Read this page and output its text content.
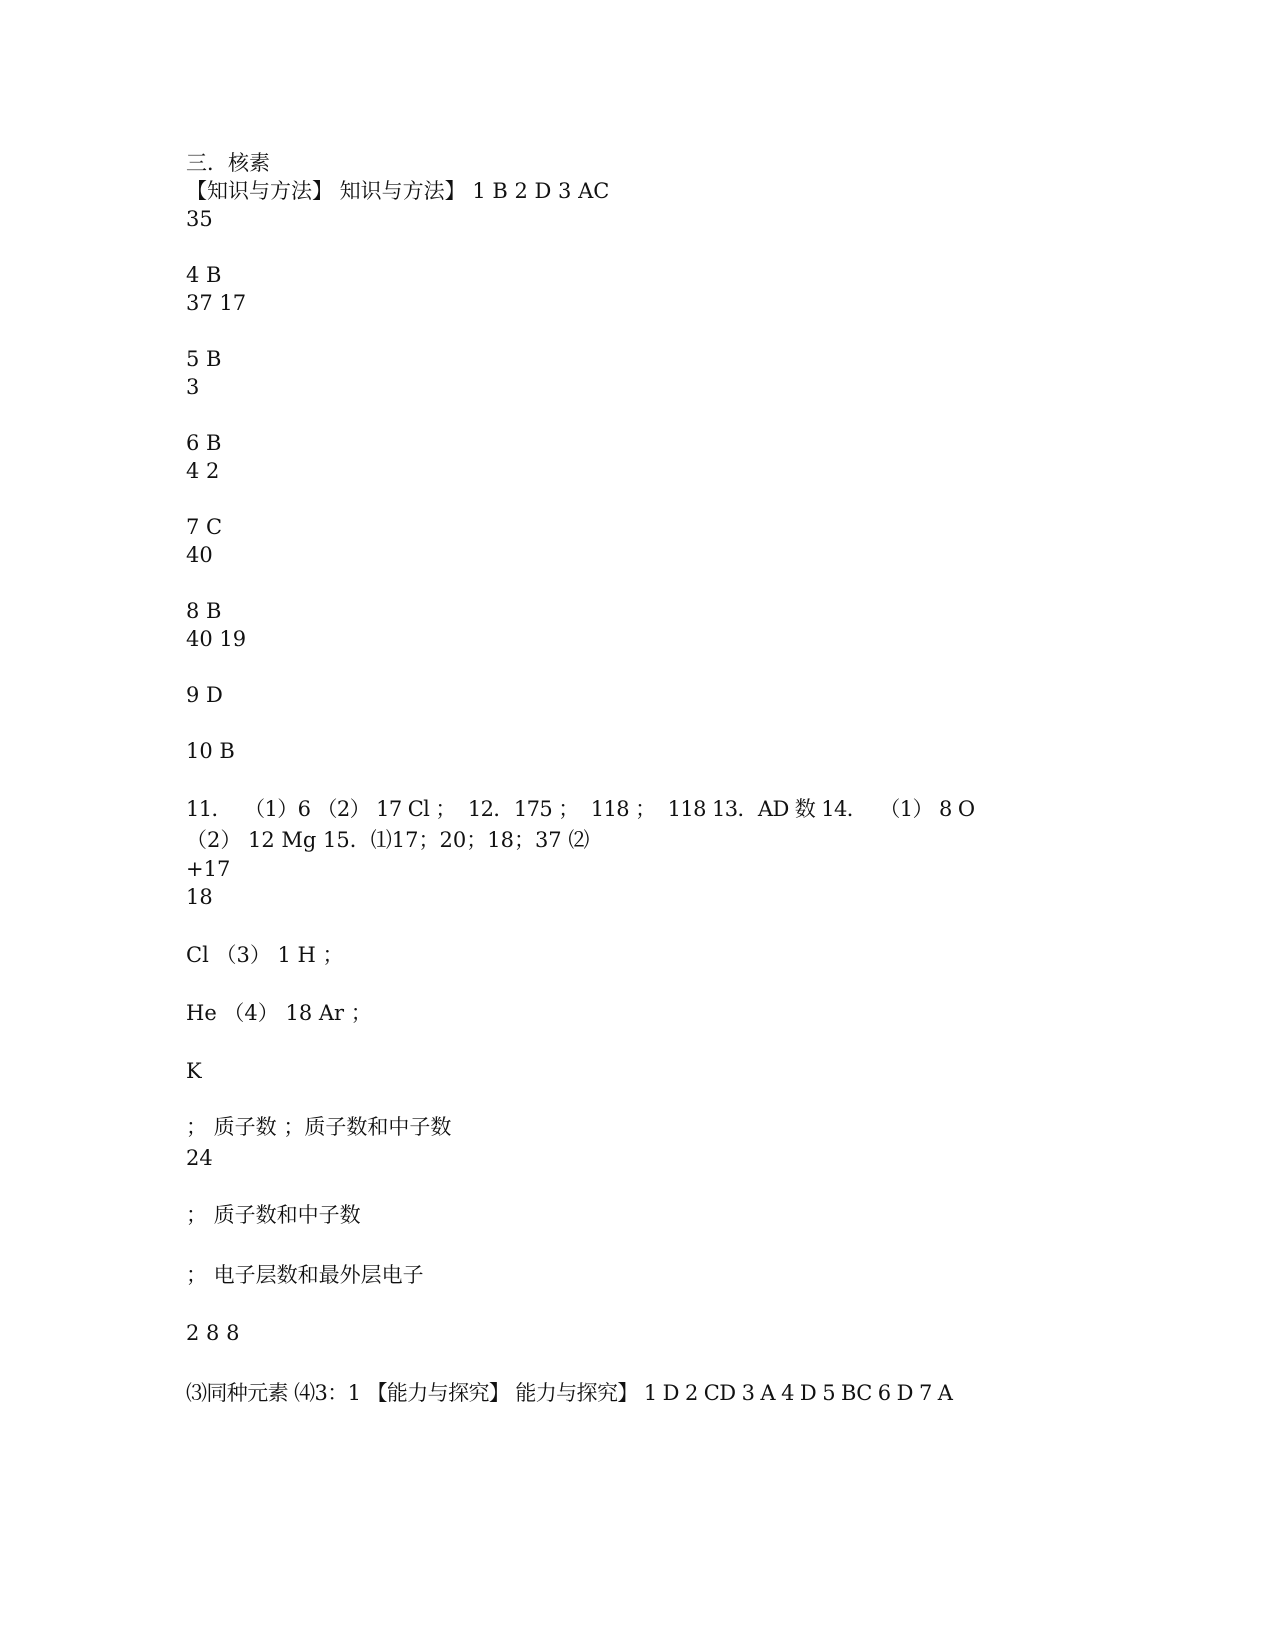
三．核素
【知识与方法】 知识与方法】 1 B 2 D 3 AC
35
4 B
37 17
5 B
3
6 B
4 2
7 C
40
8 B
40 19
9 D
10 B
11．  （1）6 （2） 17 Cl ；  12．175 ；  118 ；  118 13．AD 数 14．  （1） 8 O
（2） 12 Mg 15．⑴17；20；18；37 ⑵
+17
18
Cl （3） 1 H ；
He （4） 18 Ar ；
K
； 质子数 ；质子数和中子数
24
； 质子数和中子数
； 电子层数和最外层电子
2 8 8
⑶同种元素 ⑷3：1 【能力与探究】 能力与探究】 1 D 2 CD 3 A 4 D 5 BC 6 D 7 A
